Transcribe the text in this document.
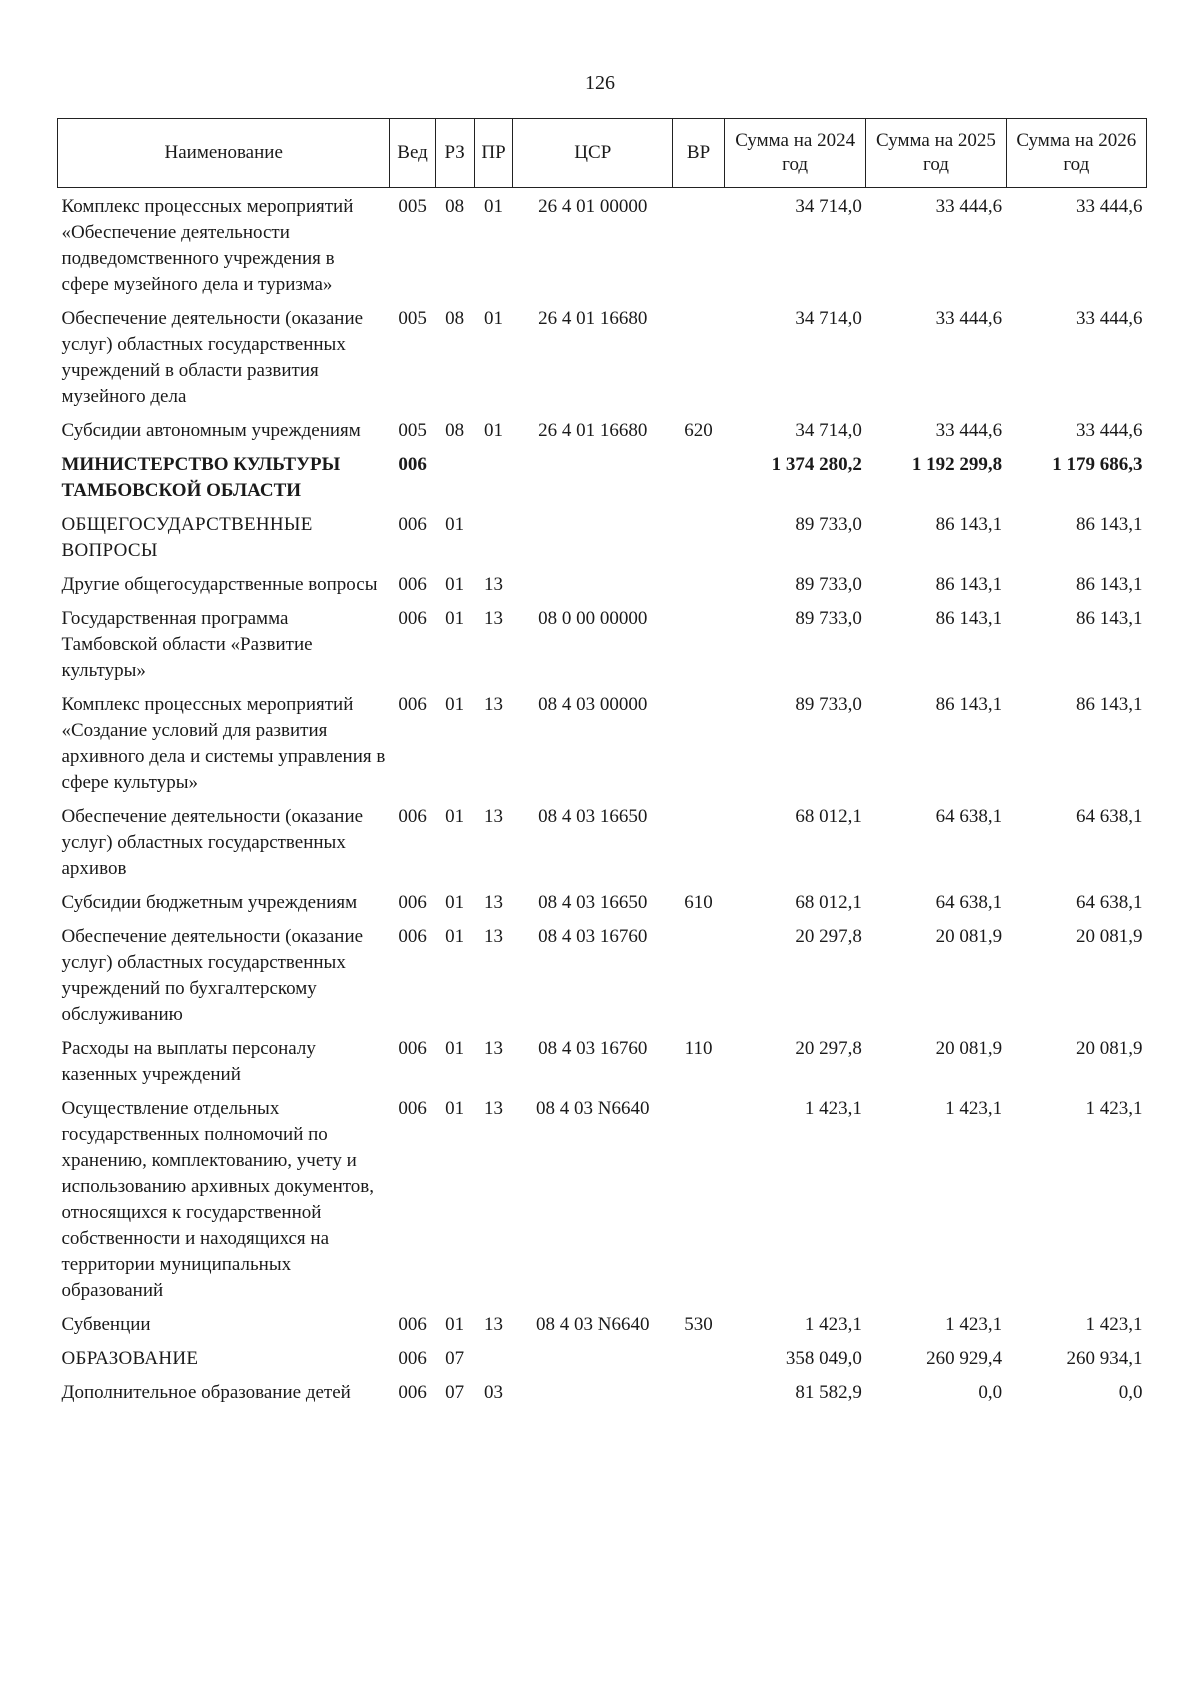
126
Наименование	Вед	РЗ	ПР	ЦСР	ВР	Сумма на 2024 год	Сумма на 2025 год	Сумма на 2026 год
Комплекс процессных мероприятий «Обеспечение деятельности подведомственного учреждения в сфере музейного дела и туризма»	005	08	01	26 4 01 00000		34 714,0	33 444,6	33 444,6
Обеспечение деятельности (оказание услуг) областных государственных учреждений в области развития музейного дела	005	08	01	26 4 01 16680		34 714,0	33 444,6	33 444,6
Субсидии автономным учреждениям	005	08	01	26 4 01 16680	620	34 714,0	33 444,6	33 444,6
МИНИСТЕРСТВО КУЛЬТУРЫ ТАМБОВСКОЙ ОБЛАСТИ	006					1 374 280,2	1 192 299,8	1 179 686,3
ОБЩЕГОСУДАРСТВЕННЫЕ ВОПРОСЫ	006	01				89 733,0	86 143,1	86 143,1
Другие общегосударственные вопросы	006	01	13			89 733,0	86 143,1	86 143,1
Государственная программа Тамбовской области «Развитие культуры»	006	01	13	08 0 00 00000		89 733,0	86 143,1	86 143,1
Комплекс процессных мероприятий «Создание условий для развития архивного дела и системы управления в сфере культуры»	006	01	13	08 4 03 00000		89 733,0	86 143,1	86 143,1
Обеспечение деятельности (оказание услуг) областных государственных архивов	006	01	13	08 4 03 16650		68 012,1	64 638,1	64 638,1
Субсидии бюджетным учреждениям	006	01	13	08 4 03 16650	610	68 012,1	64 638,1	64 638,1
Обеспечение деятельности (оказание услуг) областных государственных учреждений по бухгалтерскому обслуживанию	006	01	13	08 4 03 16760		20 297,8	20 081,9	20 081,9
Расходы на выплаты персоналу казенных учреждений	006	01	13	08 4 03 16760	110	20 297,8	20 081,9	20 081,9
Осуществление отдельных государственных полномочий по хранению, комплектованию, учету и использованию архивных документов, относящихся к государственной собственности и находящихся на территории муниципальных образований	006	01	13	08 4 03 N6640		1 423,1	1 423,1	1 423,1
Субвенции	006	01	13	08 4 03 N6640	530	1 423,1	1 423,1	1 423,1
ОБРАЗОВАНИЕ	006	07				358 049,0	260 929,4	260 934,1
Дополнительное образование детей	006	07	03			81 582,9	0,0	0,0
